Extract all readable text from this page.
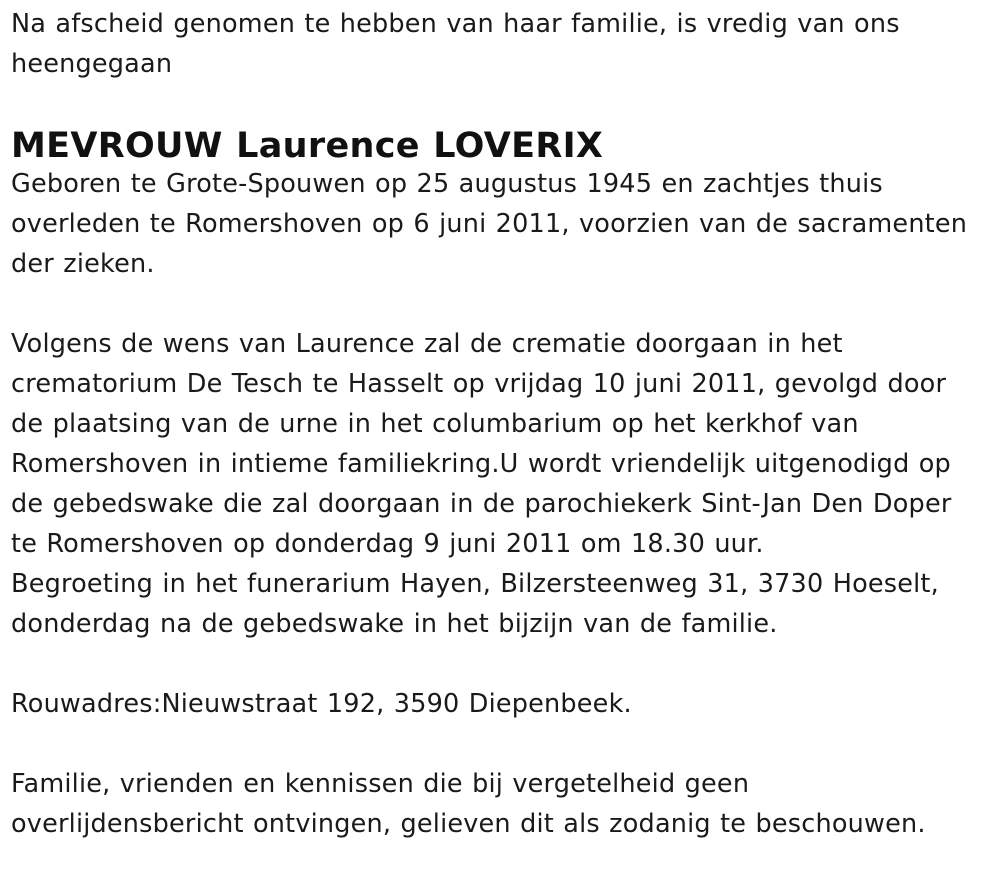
Na afscheid genomen te hebben van haar familie, is vredig van ons heengegaan

MEVROUW Laurence LOVERIX

Geboren te Grote-Spouwen op 25 augustus 1945 en zachtjes thuis overleden te Romershoven op 6 juni 2011, voorzien van de sacramenten der zieken.

Volgens de wens van Laurence zal de crematie doorgaan in het crematorium De Tesch te Hasselt op vrijdag 10 juni 2011, gevolgd door de plaatsing van de urne in het columbarium op het kerkhof van Romershoven in intieme familiekring.U wordt vriendelijk uitgenodigd op de gebedswake die zal doorgaan in de parochiekerk Sint-Jan Den Doper te Romershoven op donderdag 9 juni 2011 om 18.30 uur.

Begroeting in het funerarium Hayen, Bilzersteenweg 31, 3730 Hoeselt, donderdag na de gebedswake in het bijzijn van de familie.

Rouwadres:Nieuwstraat 192, 3590 Diepenbeek.

Familie, vrienden en kennissen die bij vergetelheid geen overlijdensbericht ontvingen, gelieven dit als zodanig te beschouwen.
